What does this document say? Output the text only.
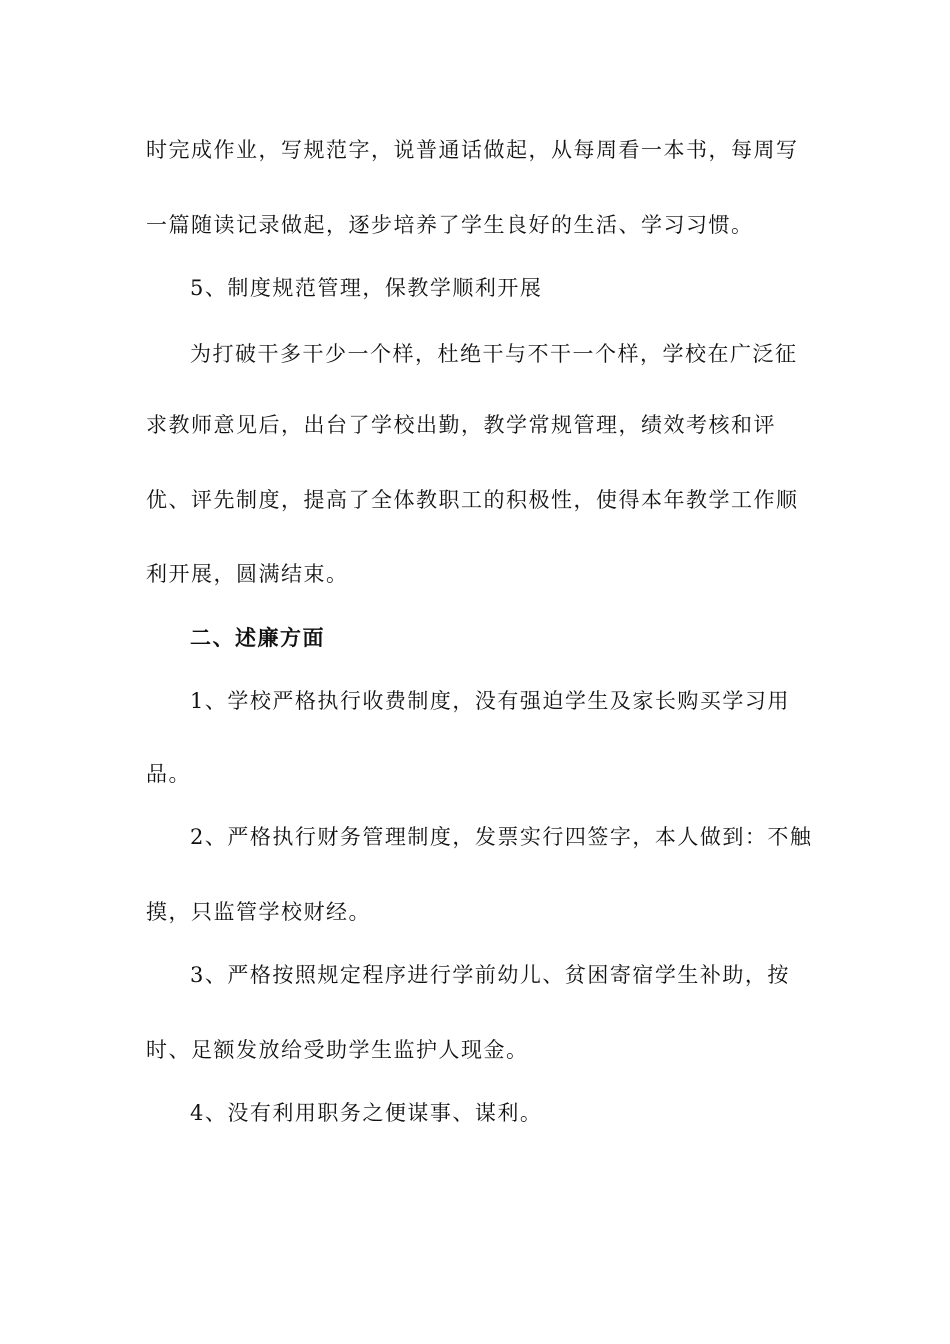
时完成作业，写规范字，说普通话做起，从每周看一本书，每周写

一篇随读记录做起，逐步培养了学生良好的生活、学习习惯。

5、制度规范管理，保教学顺利开展

为打破干多干少一个样，杜绝干与不干一个样，学校在广泛征

求教师意见后，出台了学校出勤，教学常规管理，绩效考核和评

优、评先制度，提高了全体教职工的积极性，使得本年教学工作顺

利开展，圆满结束。

二、述廉方面

1、学校严格执行收费制度，没有强迫学生及家长购买学习用

品。

2、严格执行财务管理制度，发票实行四签字，本人做到：不触

摸，只监管学校财经。

3、严格按照规定程序进行学前幼儿、贫困寄宿学生补助，按

时、足额发放给受助学生监护人现金。

4、没有利用职务之便谋事、谋利。
